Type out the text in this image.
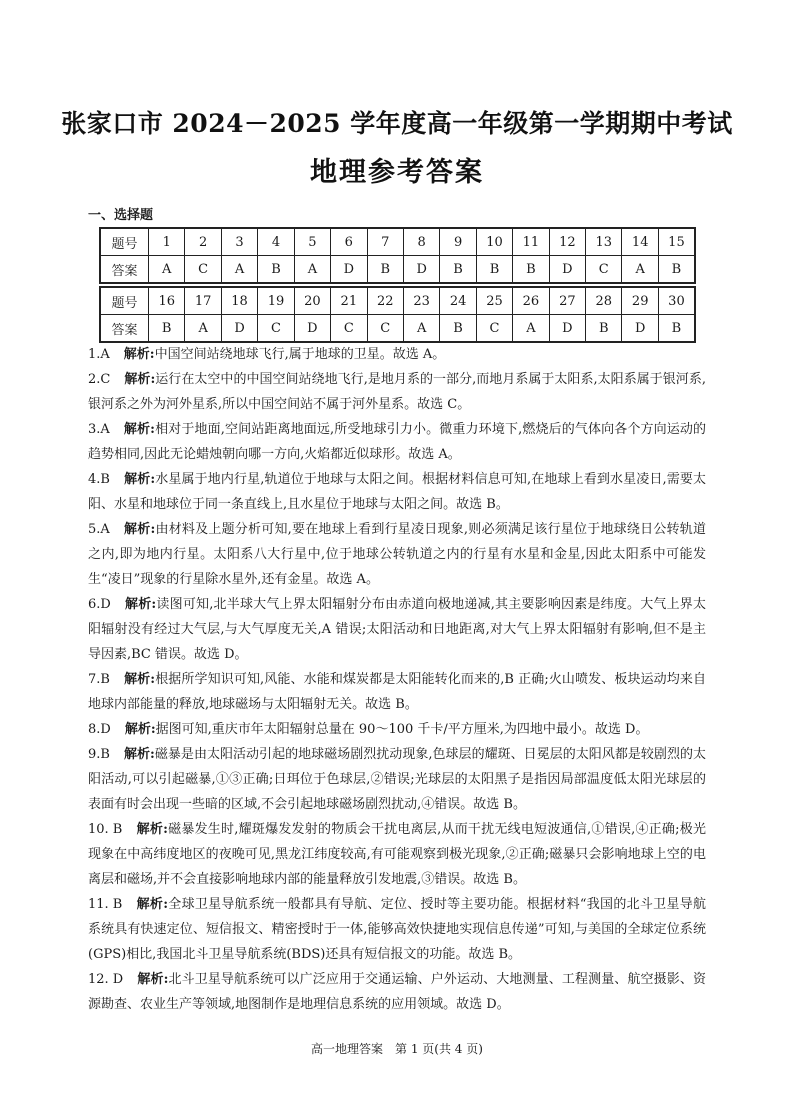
张家口市 2024－2025 学年度高一年级第一学期期中考试
地理参考答案
一、选择题
题号	1	2	3	4	5	6	7	8	9	10	11	12	13	14	15
答案	A	C	A	B	A	D	B	D	B	B	B	D	C	A	B
题号	16	17	18	19	20	21	22	23	24	25	26	27	28	29	30
答案	B	A	D	C	D	C	C	A	B	C	A	D	B	D	B
1.A 解析:中国空间站绕地球飞行,属于地球的卫星。故选 A。
2.C 解析:运行在太空中的中国空间站绕地飞行,是地月系的一部分,而地月系属于太阳系,太阳系属于银河系,银河系之外为河外星系,所以中国空间站不属于河外星系。故选 C。
3.A 解析:相对于地面,空间站距离地面远,所受地球引力小。微重力环境下,燃烧后的气体向各个方向运动的趋势相同,因此无论蜡烛朝向哪一方向,火焰都近似球形。故选 A。
4.B 解析:水星属于地内行星,轨道位于地球与太阳之间。根据材料信息可知,在地球上看到水星凌日,需要太阳、水星和地球位于同一条直线上,且水星位于地球与太阳之间。故选 B。
5.A 解析:由材料及上题分析可知,要在地球上看到行星凌日现象,则必须满足该行星位于地球绕日公转轨道之内,即为地内行星。太阳系八大行星中,位于地球公转轨道之内的行星有水星和金星,因此太阳系中可能发生“凌日”现象的行星除水星外,还有金星。故选 A。
6.D 解析:读图可知,北半球大气上界太阳辐射分布由赤道向极地递减,其主要影响因素是纬度。大气上界太阳辐射没有经过大气层,与大气厚度无关,A 错误;太阳活动和日地距离,对大气上界太阳辐射有影响,但不是主导因素,BC 错误。故选 D。
7.B 解析:根据所学知识可知,风能、水能和煤炭都是太阳能转化而来的,B 正确;火山喷发、板块运动均来自地球内部能量的释放,地球磁场与太阳辐射无关。故选 B。
8.D 解析:据图可知,重庆市年太阳辐射总量在 90～100 千卡/平方厘米,为四地中最小。故选 D。
9.B 解析:磁暴是由太阳活动引起的地球磁场剧烈扰动现象,色球层的耀斑、日冕层的太阳风都是较剧烈的太阳活动,可以引起磁暴,①③正确;日珥位于色球层,②错误;光球层的太阳黑子是指因局部温度低太阳光球层的表面有时会出现一些暗的区域,不会引起地球磁场剧烈扰动,④错误。故选 B。
10. B 解析:磁暴发生时,耀斑爆发发射的物质会干扰电离层,从而干扰无线电短波通信,①错误,④正确;极光现象在中高纬度地区的夜晚可见,黑龙江纬度较高,有可能观察到极光现象,②正确;磁暴只会影响地球上空的电离层和磁场,并不会直接影响地球内部的能量释放引发地震,③错误。故选 B。
11. B 解析:全球卫星导航系统一般都具有导航、定位、授时等主要功能。根据材料“我国的北斗卫星导航系统具有快速定位、短信报文、精密授时于一体,能够高效快捷地实现信息传递”可知,与美国的全球定位系统(GPS)相比,我国北斗卫星导航系统(BDS)还具有短信报文的功能。故选 B。
12. D 解析:北斗卫星导航系统可以广泛应用于交通运输、户外运动、大地测量、工程测量、航空摄影、资源勘查、农业生产等领域,地图制作是地理信息系统的应用领域。故选 D。
高一地理答案　第 1 页(共 4 页)
